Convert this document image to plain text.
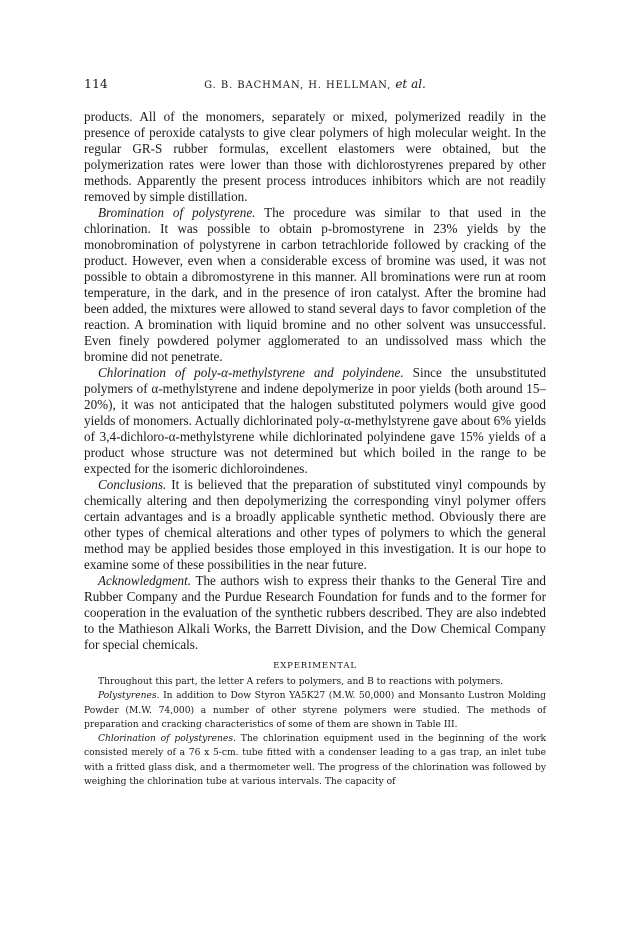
114	G. B. BACHMAN, H. HELLMAN, et al.

products. All of the monomers, separately or mixed, polymerized readily in the presence of peroxide catalysts to give clear polymers of high molecular weight. In the regular GR-S rubber formulas, excellent elastomers were obtained, but the polymerization rates were lower than those with dichlorostyrenes prepared by other methods. Apparently the present process introduces inhibitors which are not readily removed by simple distillation.

Bromination of polystyrene. The procedure was similar to that used in the chlorination. It was possible to obtain p-bromostyrene in 23% yields by the monobromination of polystyrene in carbon tetrachloride followed by cracking of the product. However, even when a considerable excess of bromine was used, it was not possible to obtain a dibromostyrene in this manner. All brominations were run at room temperature, in the dark, and in the presence of iron catalyst. After the bromine had been added, the mixtures were allowed to stand several days to favor completion of the reaction. A bromination with liquid bromine and no other solvent was unsuccessful. Even finely powdered polymer agglomerated to an undissolved mass which the bromine did not penetrate.

Chlorination of poly-α-methylstyrene and polyindene. Since the unsubstituted polymers of α-methylstyrene and indene depolymerize in poor yields (both around 15–20%), it was not anticipated that the halogen substituted polymers would give good yields of monomers. Actually dichlorinated poly-α-methylstyrene gave about 6% yields of 3,4-dichloro-α-methylstyrene while dichlorinated polyindene gave 15% yields of a product whose structure was not determined but which boiled in the range to be expected for the isomeric dichloroindenes.

Conclusions. It is believed that the preparation of substituted vinyl compounds by chemically altering and then depolymerizing the corresponding vinyl polymer offers certain advantages and is a broadly applicable synthetic method. Obviously there are other types of chemical alterations and other types of polymers to which the general method may be applied besides those employed in this investigation. It is our hope to examine some of these possibilities in the near future.

Acknowledgment. The authors wish to express their thanks to the General Tire and Rubber Company and the Purdue Research Foundation for funds and to the former for cooperation in the evaluation of the synthetic rubbers described. They are also indebted to the Mathieson Alkali Works, the Barrett Division, and the Dow Chemical Company for special chemicals.

EXPERIMENTAL

Throughout this part, the letter A refers to polymers, and B to reactions with polymers.

Polystyrenes. In addition to Dow Styron YA5K27 (M.W. 50,000) and Monsanto Lustron Molding Powder (M.W. 74,000) a number of other styrene polymers were studied. The methods of preparation and cracking characteristics of some of them are shown in Table III.

Chlorination of polystyrenes. The chlorination equipment used in the beginning of the work consisted merely of a 76 x 5-cm. tube fitted with a condenser leading to a gas trap, an inlet tube with a fritted glass disk, and a thermometer well. The progress of the chlorination was followed by weighing the chlorination tube at various intervals. The capacity of
